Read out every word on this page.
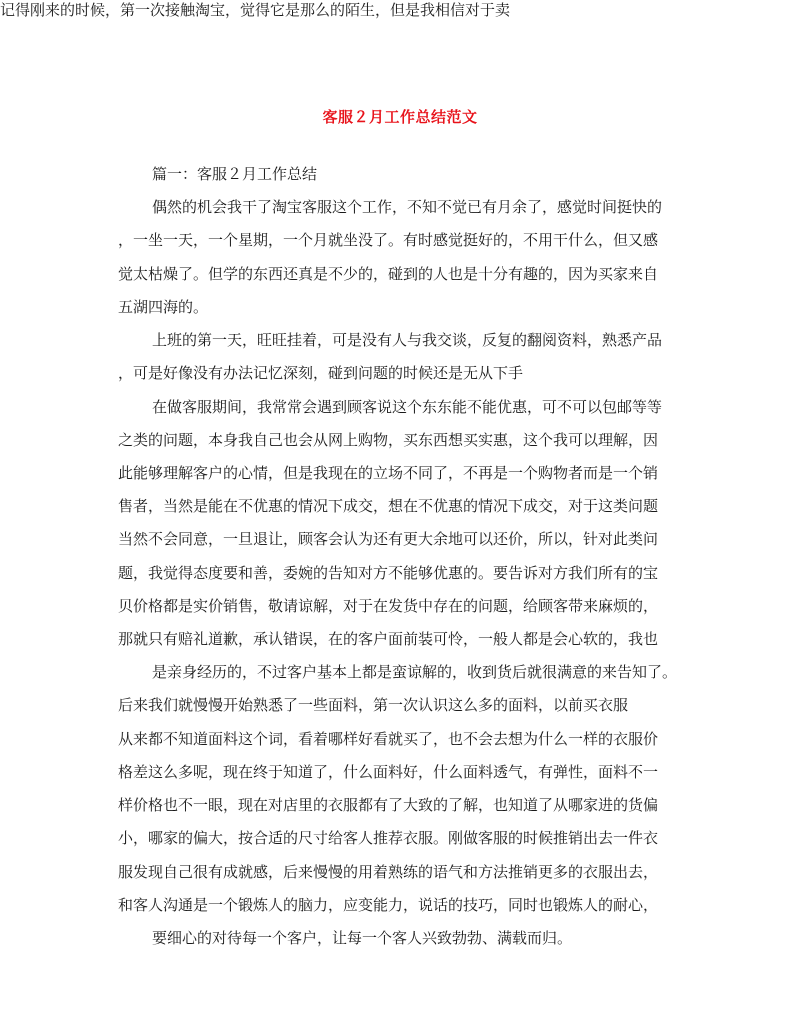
客服２月工作总结范文
篇一：客服２月工作总结
偶然的机会我干了淘宝客服这个工作，不知不觉已有月余了，感觉时间挺快的
，一坐一天，一个星期，一个月就坐没了。有时感觉挺好的，不用干什么，但又感
觉太枯燥了。但学的东西还真是不少的，碰到的人也是十分有趣的，因为买家来自
五湖四海的。
上班的第一天，旺旺挂着，可是没有人与我交谈，反复的翻阅资料，熟悉产品
，可是好像没有办法记忆深刻，碰到问题的时候还是无从下手
在做客服期间，我常常会遇到顾客说这个东东能不能优惠，可不可以包邮等等
之类的问题，本身我自己也会从网上购物，买东西想买实惠，这个我可以理解，因
此能够理解客户的心情，但是我现在的立场不同了，不再是一个购物者而是一个销
售者，当然是能在不优惠的情况下成交，想在不优惠的情况下成交，对于这类问题
当然不会同意，一旦退让，顾客会认为还有更大余地可以还价，所以，针对此类问
题，我觉得态度要和善，委婉的告知对方不能够优惠的。要告诉对方我们所有的宝
贝价格都是实价销售，敬请谅解，对于在发货中存在的问题，给顾客带来麻烦的，
那就只有赔礼道歉，承认错误，在的客户面前装可怜，一般人都是会心软的，我也
是亲身经历的，不过客户基本上都是蛮谅解的，收到货后就很满意的来告知了。
后来我们就慢慢开始熟悉了一些面料，第一次认识这么多的面料，以前买衣服
从来都不知道面料这个词，看着哪样好看就买了，也不会去想为什么一样的衣服价
格差这么多呢，现在终于知道了，什么面料好，什么面料透气，有弹性，面料不一
样价格也不一眼，现在对店里的衣服都有了大致的了解，也知道了从哪家进的货偏
小，哪家的偏大，按合适的尺寸给客人推荐衣服。刚做客服的时候推销出去一件衣
服发现自己很有成就感，后来慢慢的用着熟练的语气和方法推销更多的衣服出去，
和客人沟通是一个锻炼人的脑力，应变能力，说话的技巧，同时也锻炼人的耐心，
要细心的对待每一个客户，让每一个客人兴致勃勃、满载而归。
记得刚来的时候，第一次接触淘宝，觉得它是那么的陌生，但是我相信对于卖
